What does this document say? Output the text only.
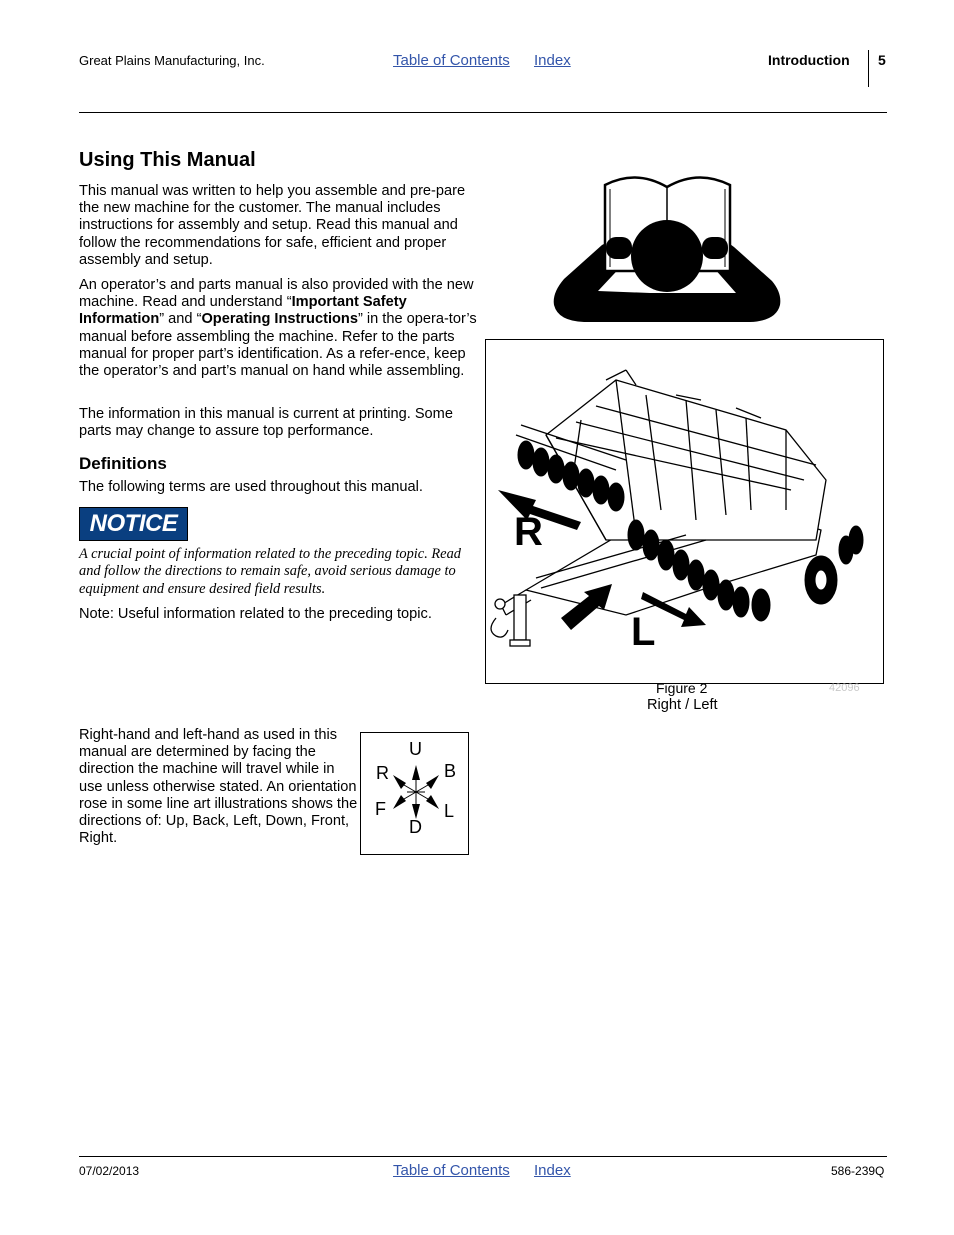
Great Plains Manufacturing, Inc.	Table of Contents Index	Introduction 5
Using This Manual
This manual was written to help you assemble and pre-pare the new machine for the customer. The manual includes instructions for assembly and setup. Read this manual and follow the recommendations for safe, efficient and proper assembly and setup.
An operator’s and parts manual is also provided with the new machine. Read and understand “Important Safety Information” and “Operating Instructions” in the opera-tor’s manual before assembling the machine. Refer to the parts manual for proper part’s identification. As a refer-ence, keep the operator’s and part’s manual on hand while assembling.
The information in this manual is current at printing. Some parts may change to assure top performance.
Definitions
The following terms are used throughout this manual.
NOTICE
A crucial point of information related to the preceding topic. Read and follow the directions to remain safe, avoid serious damage to equipment and ensure desired field results.
Note: Useful information related to the preceding topic.
R
L
Figure 2	42096
Right / Left
Right-hand and left-hand as used in this manual are determined by facing the direction the machine will travel while in use unless otherwise stated. An orientation rose in some line art illustrations shows the directions of: Up, Back, Left, Down, Front, Right.
U
R	B
F	L
D
07/02/2013	Table of Contents Index	586-239Q
